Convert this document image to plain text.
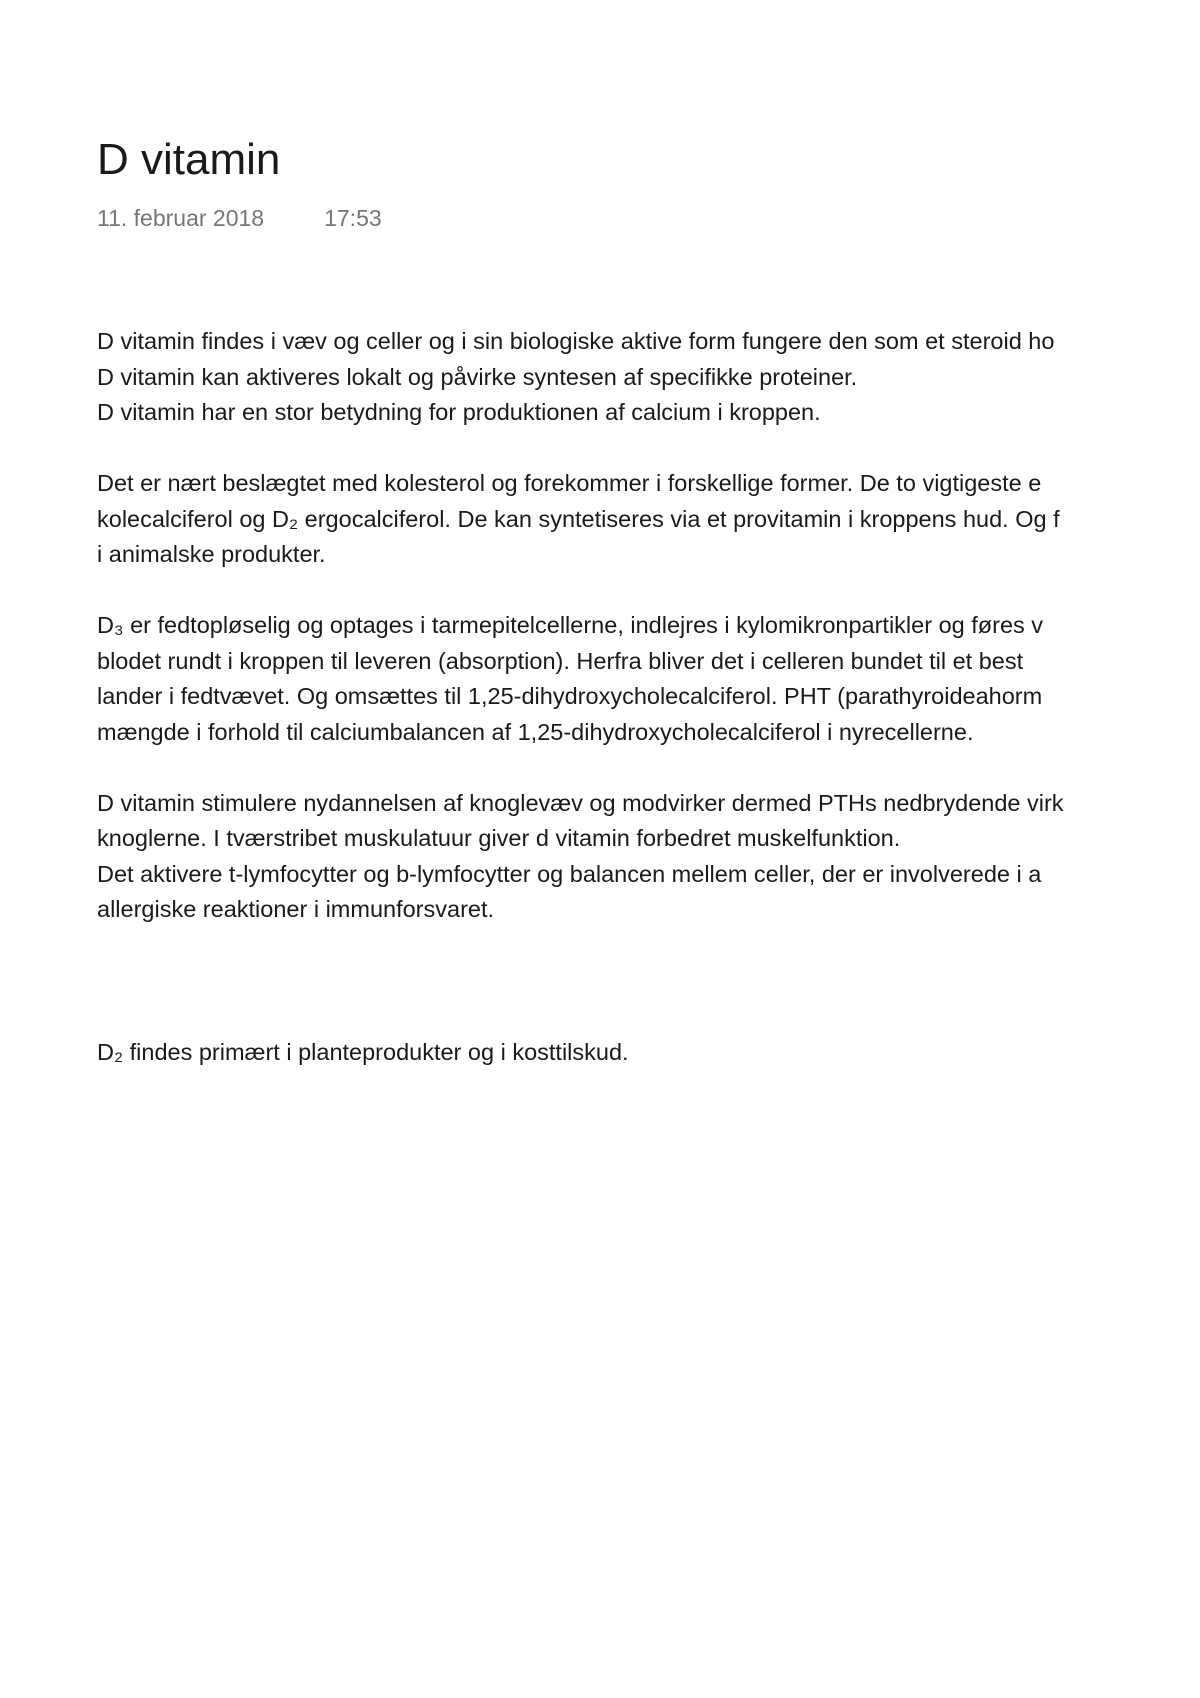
D vitamin
11. februar 2018	17:53
D vitamin findes i væv og celler og i sin biologiske aktive form fungere den som et steroid ho
D vitamin kan aktiveres lokalt og påvirke syntesen af specifikke proteiner.
D vitamin har en stor betydning for produktionen af calcium i kroppen.
Det er nært beslægtet med kolesterol og forekommer i forskellige former. De to vigtigeste e
kolecalciferol og D₂ ergocalciferol. De kan syntetiseres via et provitamin i kroppens hud. Og f
i animalske produkter.
D₃ er fedtopløselig og optages i tarmepitelcellerne, indlejres i kylomikronpartikler og føres v
blodet rundt i kroppen til leveren (absorption). Herfra bliver det i celleren bundet til et best
lander i fedtvævet. Og omsættes til 1,25-dihydroxycholecalciferol. PHT (parathyroideahorm
mængde i forhold til calciumbalancen af 1,25-dihydroxycholecalciferol i nyrecellerne.
D vitamin stimulere nydannelsen af knoglevæv og modvirker dermed PTHs nedbrydende virk
knoglerne. I tværstribet muskulatuur giver d vitamin forbedret muskelfunktion.
Det aktivere t-lymfocytter og b-lymfocytter og balancen mellem celler, der er involverede i a
allergiske reaktioner i immunforsvaret.
D₂ findes primært i planteprodukter og i kosttilskud.
